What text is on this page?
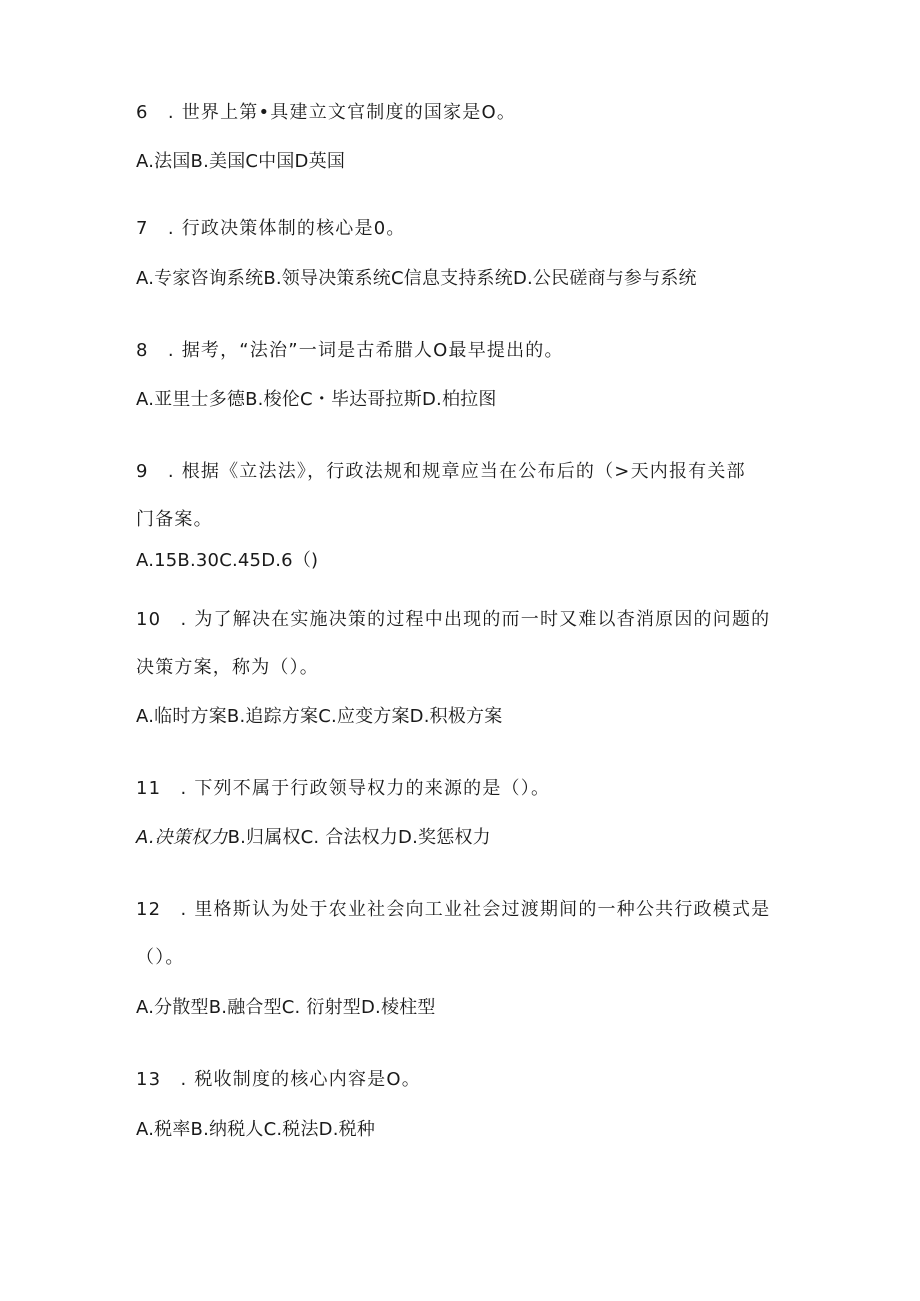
6　. 世界上第•具建立文官制度的国家是O。
A.法国B.美国C中国D英国
7　. 行政决策体制的核心是0。
A.专家咨询系统B.领导决策系统C信息支持系统D.公民磋商与参与系统
8　. 据考，“法治”一词是古希腊人O最早提出的。
A.亚里士多德B.梭伦C・毕达哥拉斯D.柏拉图
9　. 根据《立法法》，行政法规和规章应当在公布后的（>天内报有关部
门备案。
A.15B.30C.45D.6（)
10　. 为了解决在实施决策的过程中出现的而一时又难以杳消原因的问题的
决策方案，称为（）。
A.临时方案B.追踪方案C.应变方案D.积极方案
11　. 下列不属于行政领导权力的来源的是（）。
A.决策权力B.归属权C. 合法权力D.奖惩权力
12　. 里格斯认为处于农业社会向工业社会过渡期间的一种公共行政模式是
（）。
A.分散型B.融合型C. 衍射型D.棱柱型
13　. 税收制度的核心内容是O。
A.税率B.纳税人C.税法D.税种
